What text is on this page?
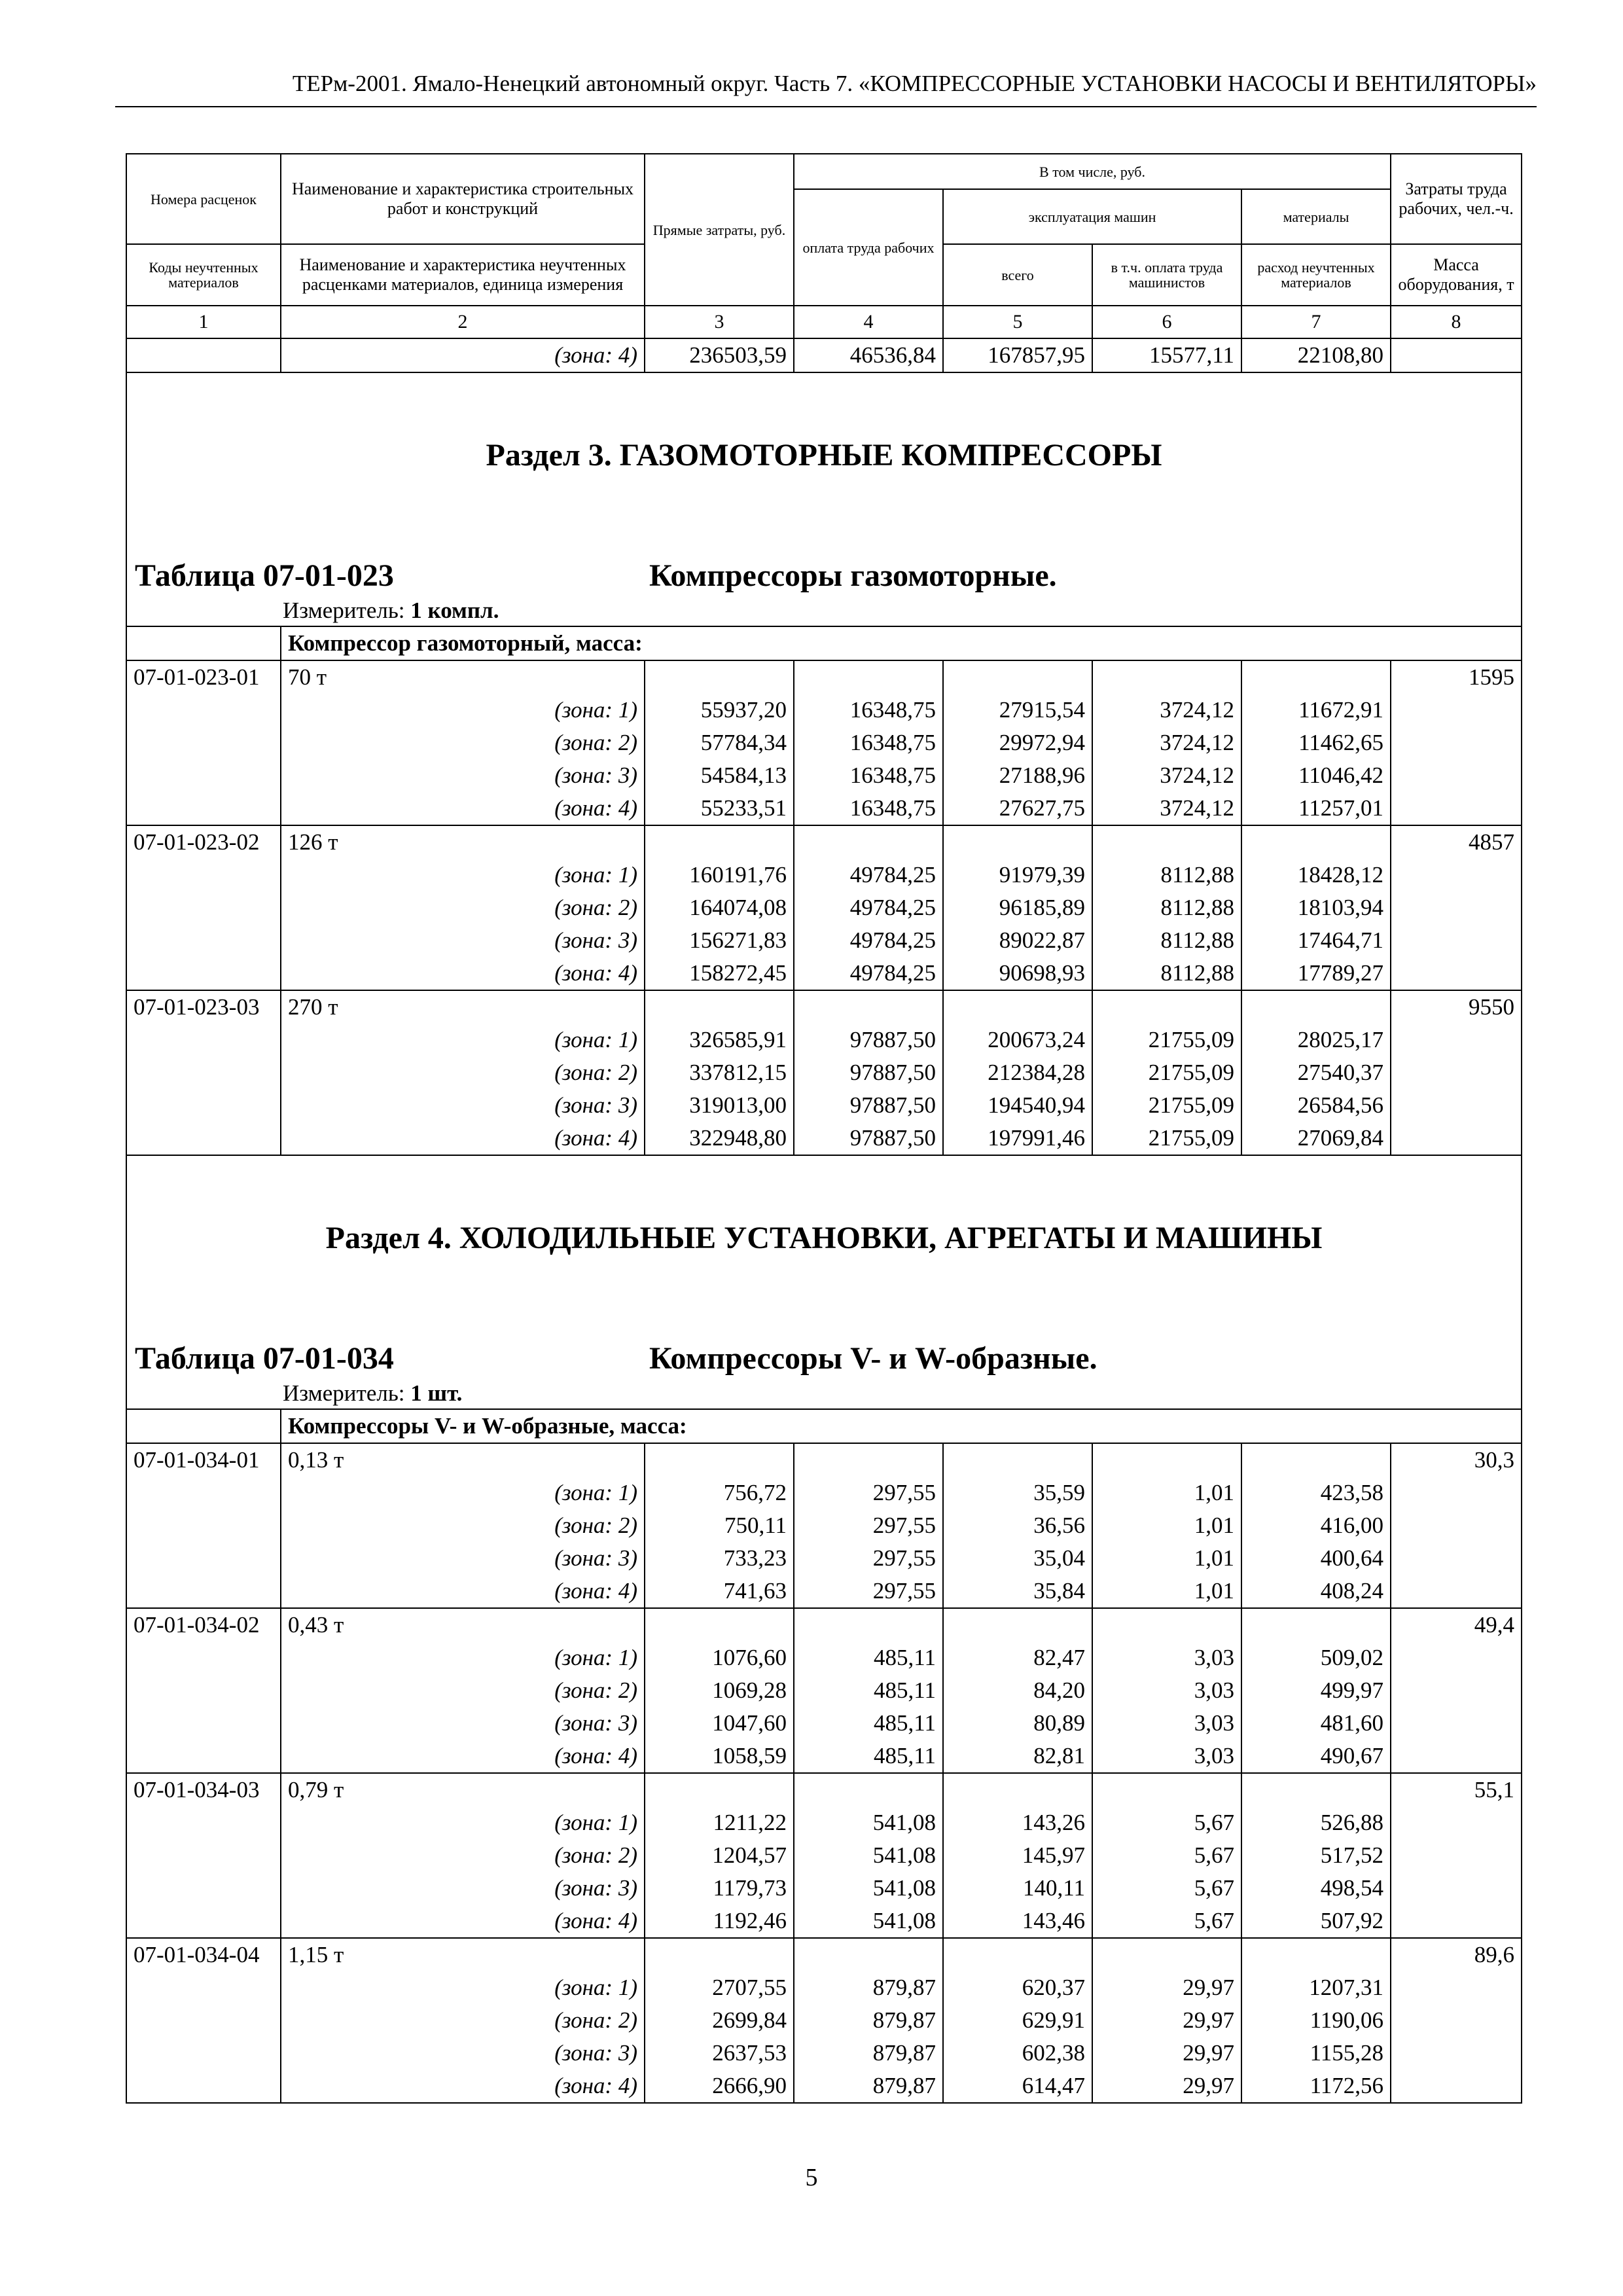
ТЕРм-2001. Ямало-Ненецкий автономный округ. Часть 7. «КОМПРЕССОРНЫЕ УСТАНОВКИ НАСОСЫ И ВЕНТИЛЯТОРЫ»
Номера расценок	Наименование и характеристика строительных работ и конструкций	Прямые затраты, руб.	В том числе, руб.				Затраты труда рабочих, чел.-ч.
			оплата труда рабочих	эксплуатация машин		материалы	
				всего	в т.ч. оплата труда машинистов	расход неучтенных материалов	
Коды неучтенных материалов	Наименование и характеристика неучтенных расценками материалов, единица измерения						Масса оборудования, т
1	2	3	4	5	6	7	8
	(зона: 4)	236503,59	46536,84	167857,95	15577,11	22108,80	

Раздел 3. ГАЗОМОТОРНЫЕ КОМПРЕССОРЫ
Таблица 07-01-023 Компрессоры газомоторные.
Измеритель: 1 компл.							

	Компрессор газомоторный, масса:						
07-01-023-01	70 т						1595
	(зона: 1)	55937,20	16348,75	27915,54	3724,12	11672,91	
	(зона: 2)	57784,34	16348,75	29972,94	3724,12	11462,65	
	(зона: 3)	54584,13	16348,75	27188,96	3724,12	11046,42	
	(зона: 4)	55233,51	16348,75	27627,75	3724,12	11257,01	
07-01-023-02	126 т						4857
	(зона: 1)	160191,76	49784,25	91979,39	8112,88	18428,12	
	(зона: 2)	164074,08	49784,25	96185,89	8112,88	18103,94	
	(зона: 3)	156271,83	49784,25	89022,87	8112,88	17464,71	
	(зона: 4)	158272,45	49784,25	90698,93	8112,88	17789,27	
07-01-023-03	270 т						9550
	(зона: 1)	326585,91	97887,50	200673,24	21755,09	28025,17	
	(зона: 2)	337812,15	97887,50	212384,28	21755,09	27540,37	
	(зона: 3)	319013,00	97887,50	194540,94	21755,09	26584,56	
	(зона: 4)	322948,80	97887,50	197991,46	21755,09	27069,84	

Раздел 4. ХОЛОДИЛЬНЫЕ УСТАНОВКИ, АГРЕГАТЫ И МАШИНЫ
Таблица 07-01-034 Компрессоры V- и W-образные.
Измеритель: 1 шт.							

	Компрессоры V- и W-образные, масса:						
07-01-034-01	0,13 т						30,3
	(зона: 1)	756,72	297,55	35,59	1,01	423,58	
	(зона: 2)	750,11	297,55	36,56	1,01	416,00	
	(зона: 3)	733,23	297,55	35,04	1,01	400,64	
	(зона: 4)	741,63	297,55	35,84	1,01	408,24	
07-01-034-02	0,43 т						49,4
	(зона: 1)	1076,60	485,11	82,47	3,03	509,02	
	(зона: 2)	1069,28	485,11	84,20	3,03	499,97	
	(зона: 3)	1047,60	485,11	80,89	3,03	481,60	
	(зона: 4)	1058,59	485,11	82,81	3,03	490,67	
07-01-034-03	0,79 т						55,1
	(зона: 1)	1211,22	541,08	143,26	5,67	526,88	
	(зона: 2)	1204,57	541,08	145,97	5,67	517,52	
	(зона: 3)	1179,73	541,08	140,11	5,67	498,54	
	(зона: 4)	1192,46	541,08	143,46	5,67	507,92	
07-01-034-04	1,15 т						89,6
	(зона: 1)	2707,55	879,87	620,37	29,97	1207,31	
	(зона: 2)	2699,84	879,87	629,91	29,97	1190,06	
	(зона: 3)	2637,53	879,87	602,38	29,97	1155,28	
	(зона: 4)	2666,90	879,87	614,47	29,97	1172,56	
5
